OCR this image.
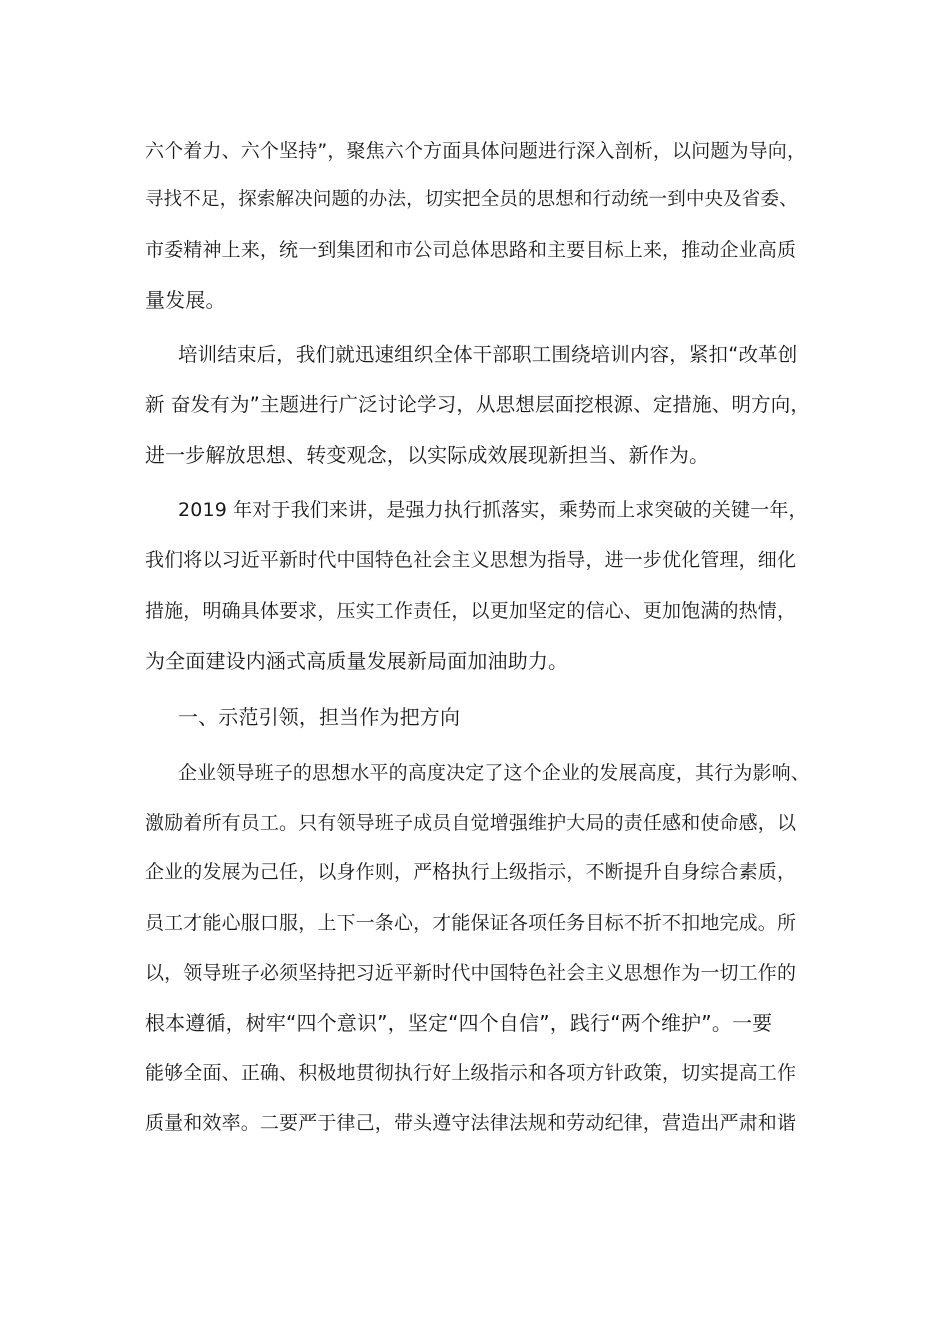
六个着力、六个坚持”，聚焦六个方面具体问题进行深入剖析，以问题为导向，
寻找不足，探索解决问题的办法，切实把全员的思想和行动统一到中央及省委、
市委精神上来，统一到集团和市公司总体思路和主要目标上来，推动企业高质
量发展。
培训结束后，我们就迅速组织全体干部职工围绕培训内容，紧扣“改革创
新 奋发有为”主题进行广泛讨论学习，从思想层面挖根源、定措施、明方向，
进一步解放思想、转变观念，以实际成效展现新担当、新作为。
2019 年对于我们来讲，是强力执行抓落实，乘势而上求突破的关键一年，
我们将以习近平新时代中国特色社会主义思想为指导，进一步优化管理，细化
措施，明确具体要求，压实工作责任，以更加坚定的信心、更加饱满的热情，
为全面建设内涵式高质量发展新局面加油助力。
一、示范引领，担当作为把方向
企业领导班子的思想水平的高度决定了这个企业的发展高度，其行为影响、
激励着所有员工。只有领导班子成员自觉增强维护大局的责任感和使命感，以
企业的发展为己任，以身作则，严格执行上级指示，不断提升自身综合素质，
员工才能心服口服，上下一条心，才能保证各项任务目标不折不扣地完成。所
以，领导班子必须坚持把习近平新时代中国特色社会主义思想作为一切工作的
根本遵循，树牢“四个意识”，坚定“四个自信”，践行“两个维护”。一要
能够全面、正确、积极地贯彻执行好上级指示和各项方针政策，切实提高工作
质量和效率。二要严于律己，带头遵守法律法规和劳动纪律，营造出严肃和谐
